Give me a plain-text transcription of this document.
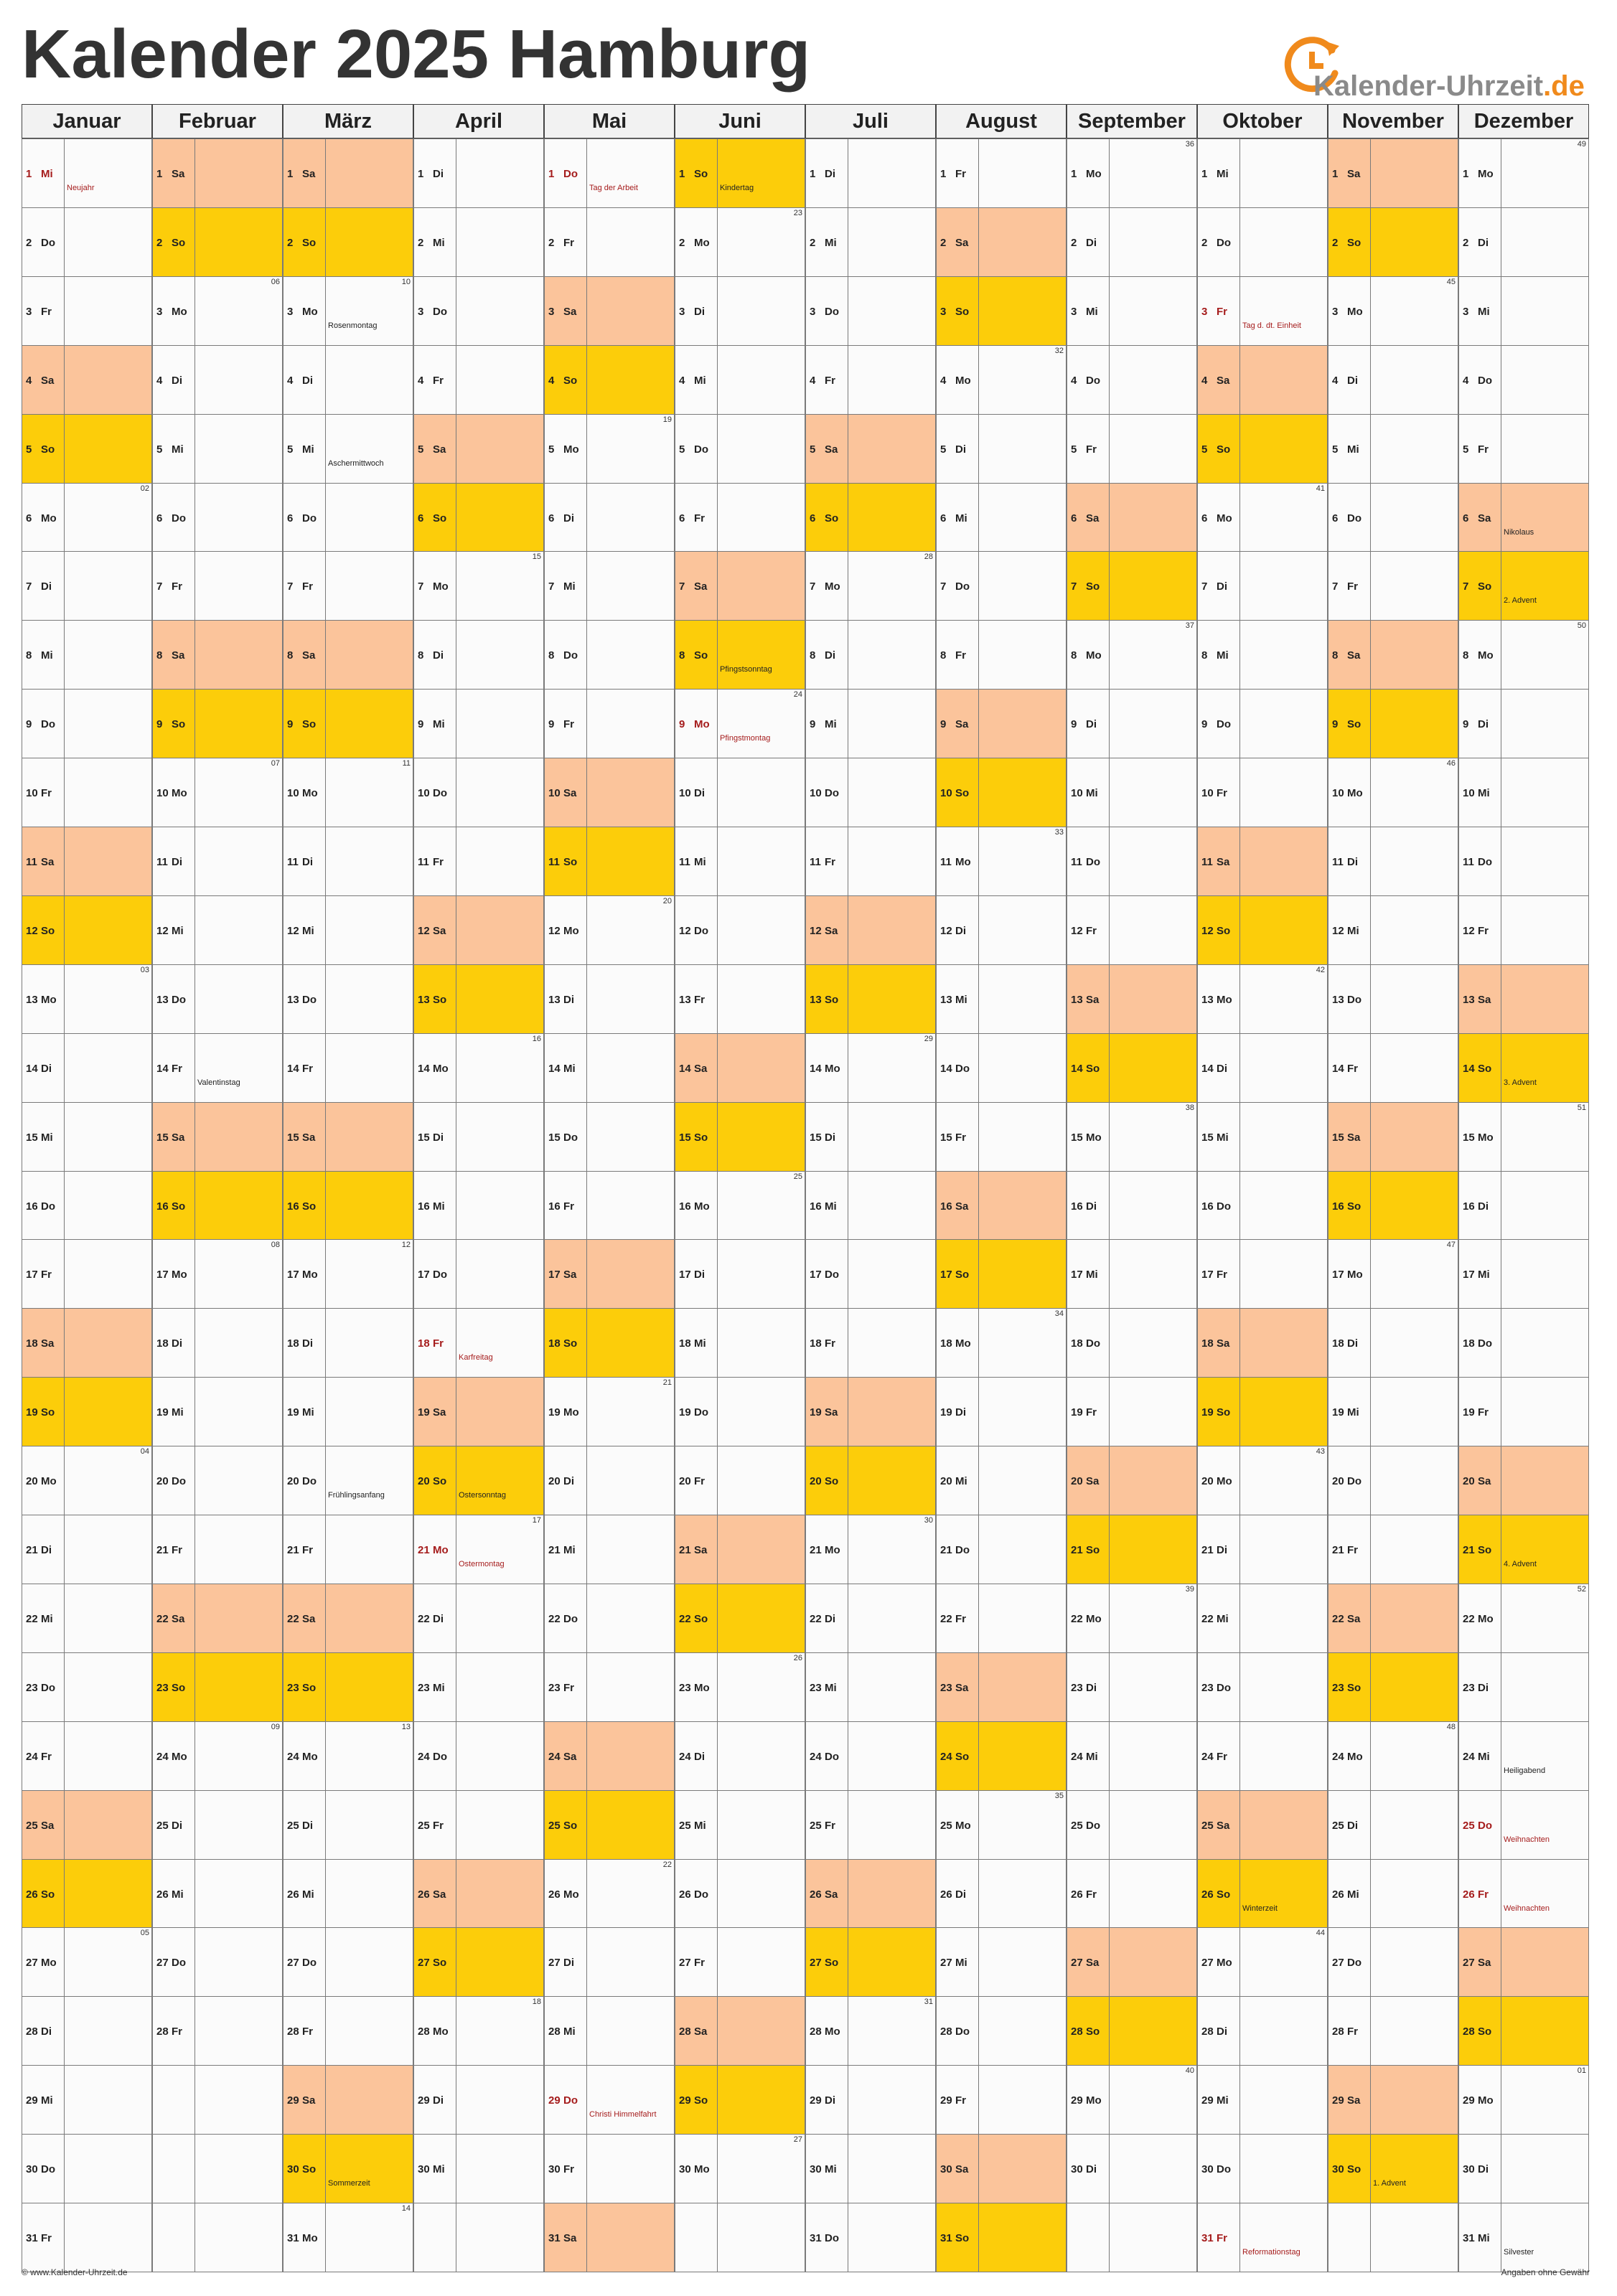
Kalender 2025 Hamburg	Kalender-Uhrzeit.de
Januar
1 Mi
Neujahr
2 Do
3 Fr
4 Sa
5 So
6 Mo
02
7 Di
8 Mi
9 Do
10 Fr
11 Sa
12 So
13 Mo
03
14 Di
15 Mi
16 Do
17 Fr
18 Sa
19 So
20 Mo
04
21 Di
22 Mi
23 Do
24 Fr
25 Sa
26 So
27 Mo
05
28 Di
29 Mi
30 Do
31 Fr
Februar
1 Sa
2 So
3 Mo
06
4 Di
5 Mi
6 Do
7 Fr
8 Sa
9 So
10 Mo
07
11 Di
12 Mi
13 Do
14 Fr
Valentinstag
15 Sa
16 So
17 Mo
08
18 Di
19 Mi
20 Do
21 Fr
22 Sa
23 So
24 Mo
09
25 Di
26 Mi
27 Do
28 Fr
März
1 Sa
2 So
3 Mo
Rosenmontag
10
4 Di
5 Mi
Aschermittwoch
6 Do
7 Fr
8 Sa
9 So
10 Mo
11
11 Di
12 Mi
13 Do
14 Fr
15 Sa
16 So
17 Mo
12
18 Di
19 Mi
20 Do
Frühlingsanfang
21 Fr
22 Sa
23 So
24 Mo
13
25 Di
26 Mi
27 Do
28 Fr
29 Sa
30 So
Sommerzeit
31 Mo
14
April
1 Di
2 Mi
3 Do
4 Fr
5 Sa
6 So
7 Mo
15
8 Di
9 Mi
10 Do
11 Fr
12 Sa
13 So
14 Mo
16
15 Di
16 Mi
17 Do
18 Fr
Karfreitag
19 Sa
20 So
Ostersonntag
21 Mo
Ostermontag
17
22 Di
23 Mi
24 Do
25 Fr
26 Sa
27 So
28 Mo
18
29 Di
30 Mi
Mai
1 Do
Tag der Arbeit
2 Fr
3 Sa
4 So
5 Mo
19
6 Di
7 Mi
8 Do
9 Fr
10 Sa
11 So
12 Mo
20
13 Di
14 Mi
15 Do
16 Fr
17 Sa
18 So
19 Mo
21
20 Di
21 Mi
22 Do
23 Fr
24 Sa
25 So
26 Mo
22
27 Di
28 Mi
29 Do
Christi Himmelfahrt
30 Fr
31 Sa
Juni
1 So
Kindertag
2 Mo
23
3 Di
4 Mi
5 Do
6 Fr
7 Sa
8 So
Pfingstsonntag
9 Mo
Pfingstmontag
24
10 Di
11 Mi
12 Do
13 Fr
14 Sa
15 So
16 Mo
25
17 Di
18 Mi
19 Do
20 Fr
21 Sa
22 So
23 Mo
26
24 Di
25 Mi
26 Do
27 Fr
28 Sa
29 So
30 Mo
27
Juli
1 Di
2 Mi
3 Do
4 Fr
5 Sa
6 So
7 Mo
28
8 Di
9 Mi
10 Do
11 Fr
12 Sa
13 So
14 Mo
29
15 Di
16 Mi
17 Do
18 Fr
19 Sa
20 So
21 Mo
30
22 Di
23 Mi
24 Do
25 Fr
26 Sa
27 So
28 Mo
31
29 Di
30 Mi
31 Do
August
1 Fr
2 Sa
3 So
4 Mo
32
5 Di
6 Mi
7 Do
8 Fr
9 Sa
10 So
11 Mo
33
12 Di
13 Mi
14 Do
15 Fr
16 Sa
17 So
18 Mo
34
19 Di
20 Mi
21 Do
22 Fr
23 Sa
24 So
25 Mo
35
26 Di
27 Mi
28 Do
29 Fr
30 Sa
31 So
September
1 Mo
36
2 Di
3 Mi
4 Do
5 Fr
6 Sa
7 So
8 Mo
37
9 Di
10 Mi
11 Do
12 Fr
13 Sa
14 So
15 Mo
38
16 Di
17 Mi
18 Do
19 Fr
20 Sa
21 So
22 Mo
39
23 Di
24 Mi
25 Do
26 Fr
27 Sa
28 So
29 Mo
40
30 Di
Oktober
1 Mi
2 Do
3 Fr
Tag d. dt. Einheit
4 Sa
5 So
6 Mo
41
7 Di
8 Mi
9 Do
10 Fr
11 Sa
12 So
13 Mo
42
14 Di
15 Mi
16 Do
17 Fr
18 Sa
19 So
20 Mo
43
21 Di
22 Mi
23 Do
24 Fr
25 Sa
26 So
Winterzeit
27 Mo
44
28 Di
29 Mi
30 Do
31 Fr
Reformationstag
November
1 Sa
2 So
3 Mo
45
4 Di
5 Mi
6 Do
7 Fr
8 Sa
9 So
10 Mo
46
11 Di
12 Mi
13 Do
14 Fr
15 Sa
16 So
17 Mo
47
18 Di
19 Mi
20 Do
21 Fr
22 Sa
23 So
24 Mo
48
25 Di
26 Mi
27 Do
28 Fr
29 Sa
30 So
1. Advent
Dezember
1 Mo
49
2 Di
3 Mi
4 Do
5 Fr
6 Sa
Nikolaus
7 So
2. Advent
8 Mo
50
9 Di
10 Mi
11 Do
12 Fr
13 Sa
14 So
3. Advent
15 Mo
51
16 Di
17 Mi
18 Do
19 Fr
20 Sa
21 So
4. Advent
22 Mo
52
23 Di
24 Mi
Heiligabend
25 Do
Weihnachten
26 Fr
Weihnachten
27 Sa
28 So
29 Mo
01
30 Di
31 Mi
Silvester
© www.Kalender-Uhrzeit.de	Angaben ohne Gewähr
